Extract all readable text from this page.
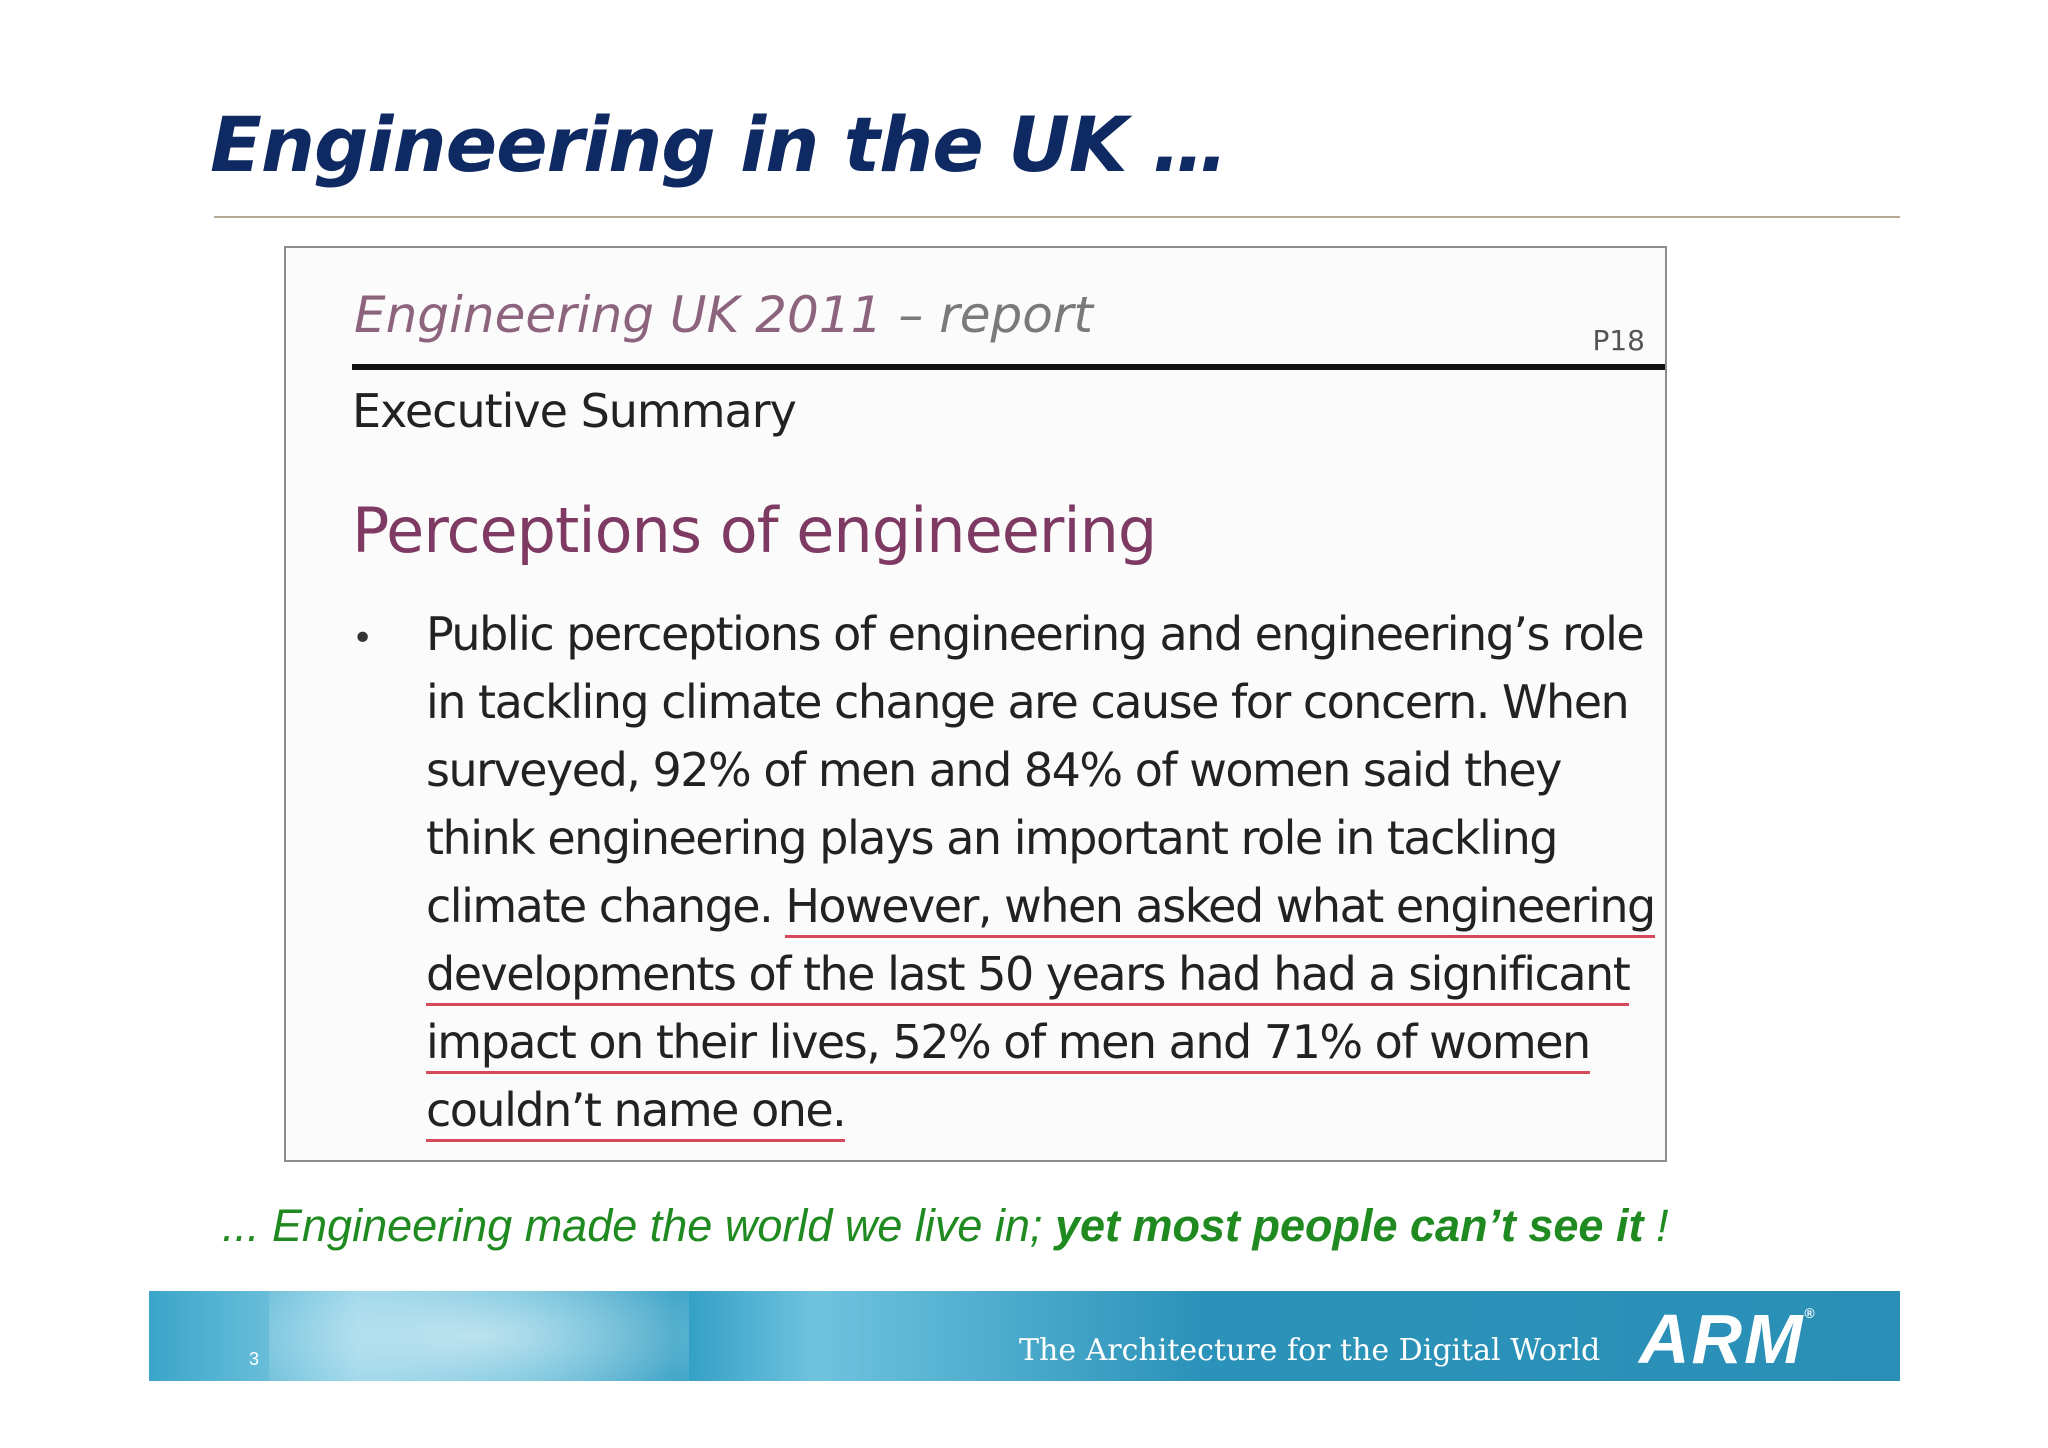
Engineering in the UK …
Engineering UK 2011 – report	P18
Executive Summary
Perceptions of engineering
• Public perceptions of engineering and engineering’s role
in tackling climate change are cause for concern. When
surveyed, 92% of men and 84% of women said they
think engineering plays an important role in tackling
climate change. However, when asked what engineering
developments of the last 50 years had had a significant
impact on their lives, 52% of men and 71% of women
couldn’t name one.
... Engineering made the world we live in; yet most people can’t see it !
3	The Architecture for the Digital World ARM®
